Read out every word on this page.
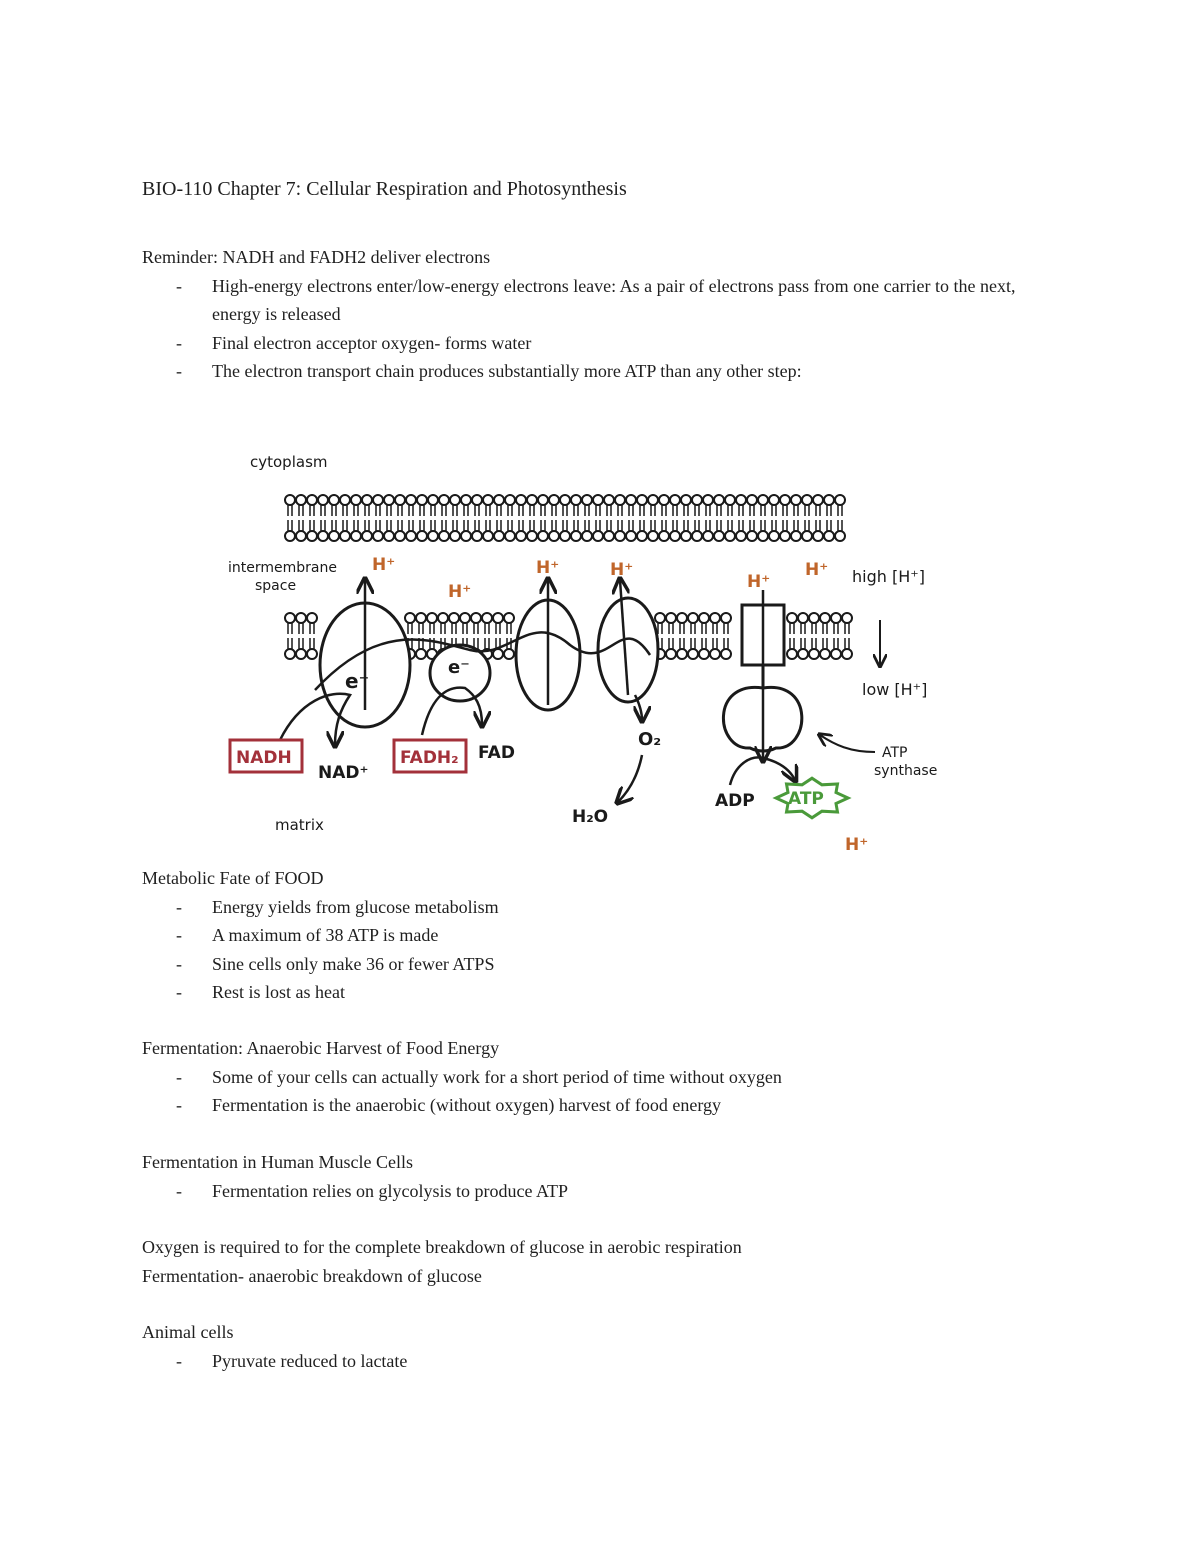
BIO-110 Chapter 7: Cellular Respiration and Photosynthesis

Reminder: NADH and FADH2 deliver electrons

- High-energy electrons enter/low-energy electrons leave: As a pair of electrons pass from one carrier to the next, energy is released
- Final electron acceptor oxygen- forms water
- The electron transport chain produces substantially more ATP than any other step:
cytoplasm
intermembrane
space
matrix
H⁺
H⁺
H⁺	H⁺
H⁺
H⁺
H⁺
high [H⁺]
low [H⁺]
e⁻
e⁻
NADH
NAD⁺
FADH₂ FAD
O₂
H₂O
ADP ATP
ATP
synthase

Metabolic Fate of FOOD

- Energy yields from glucose metabolism
- A maximum of 38 ATP is made
- Sine cells only make 36 or fewer ATPS
- Rest is lost as heat

Fermentation: Anaerobic Harvest of Food Energy

- Some of your cells can actually work for a short period of time without oxygen
- Fermentation is the anaerobic (without oxygen) harvest of food energy

Fermentation in Human Muscle Cells

- Fermentation relies on glycolysis to produce ATP

Oxygen is required to for the complete breakdown of glucose in aerobic respiration

Fermentation- anaerobic breakdown of glucose

Animal cells

- Pyruvate reduced to lactate
